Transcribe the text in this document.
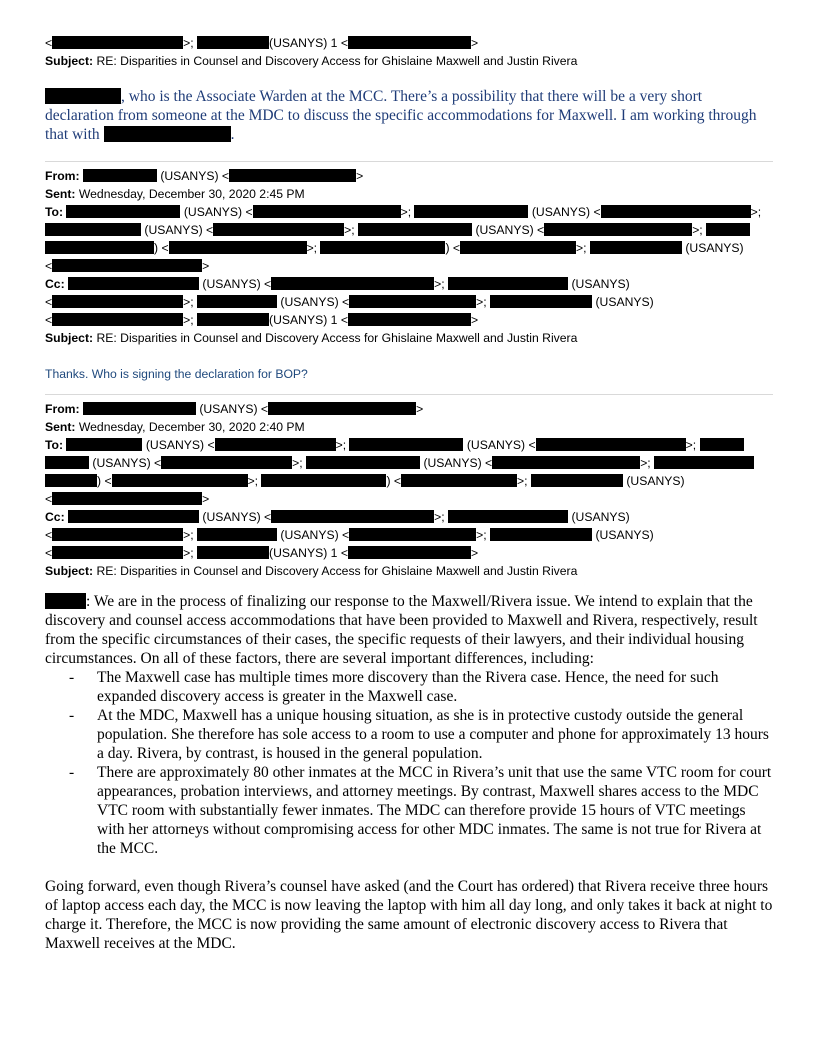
<	>;	(USANYS) 1 <	>
Subject: RE: Disparities in Counsel and Discovery Access for Ghislaine Maxwell and Justin Rivera
, who is the Associate Warden at the MCC. There’s a possibility that there will be a very short declaration from someone at the MDC to discuss the specific accommodations for Maxwell. I am working through that with	.
From:	(USANYS) <	>
Sent: Wednesday, December 30, 2020 2:45 PM
To:	(USANYS) <	>;	(USANYS) <	>;
(USANYS) <	>;	(USANYS) <	>;
) <	>;	) <	>;	(USANYS)
<	>
Cc:	(USANYS) <	>;	(USANYS)
<	>;	(USANYS) <	>;	(USANYS)
<	>;	(USANYS) 1 <	>
Subject: RE: Disparities in Counsel and Discovery Access for Ghislaine Maxwell and Justin Rivera
Thanks. Who is signing the declaration for BOP?
From:	(USANYS) <	>
Sent: Wednesday, December 30, 2020 2:40 PM
To:	(USANYS) <	>;	(USANYS) <	>;
(USANYS) <	>;	(USANYS) <	>;
) <	>;	) <	>;	(USANYS)
<	>
Cc:	(USANYS) <	>;	(USANYS)
<	>;	(USANYS) <	>;	(USANYS)
<	>;	(USANYS) 1 <	>
Subject: RE: Disparities in Counsel and Discovery Access for Ghislaine Maxwell and Justin Rivera
: We are in the process of finalizing our response to the Maxwell/Rivera issue. We intend to explain that the discovery and counsel access accommodations that have been provided to Maxwell and Rivera, respectively, result from the specific circumstances of their cases, the specific requests of their lawyers, and their individual housing circumstances. On all of these factors, there are several important differences, including:
- The Maxwell case has multiple times more discovery than the Rivera case. Hence, the need for such expanded discovery access is greater in the Maxwell case.
- At the MDC, Maxwell has a unique housing situation, as she is in protective custody outside the general population. She therefore has sole access to a room to use a computer and phone for approximately 13 hours a day. Rivera, by contrast, is housed in the general population.
- There are approximately 80 other inmates at the MCC in Rivera’s unit that use the same VTC room for court appearances, probation interviews, and attorney meetings. By contrast, Maxwell shares access to the MDC VTC room with substantially fewer inmates. The MDC can therefore provide 15 hours of VTC meetings with her attorneys without compromising access for other MDC inmates. The same is not true for Rivera at the MCC.
Going forward, even though Rivera’s counsel have asked (and the Court has ordered) that Rivera receive three hours of laptop access each day, the MCC is now leaving the laptop with him all day long, and only takes it back at night to charge it. Therefore, the MCC is now providing the same amount of electronic discovery access to Rivera that Maxwell receives at the MDC.
